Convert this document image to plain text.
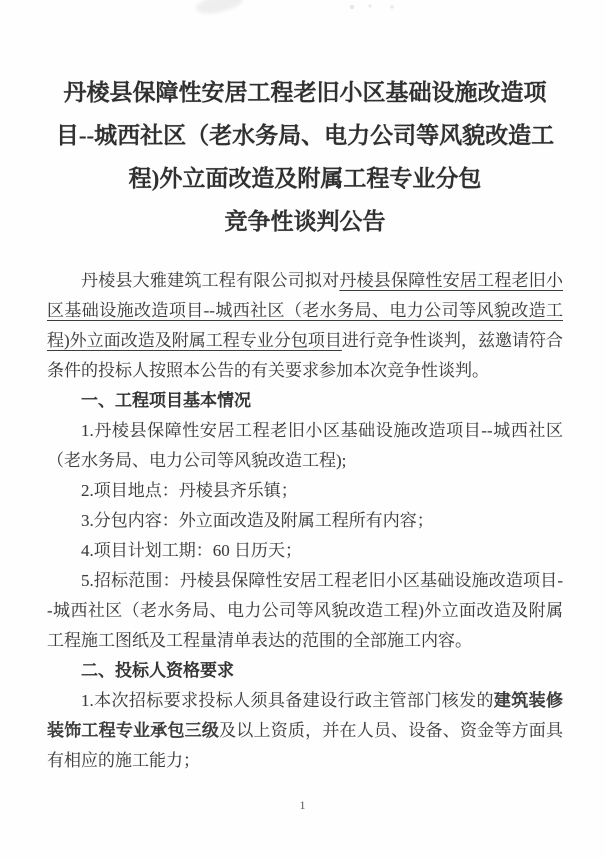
丹棱县保障性安居工程老旧小区基础设施改造项
目--城西社区（老水务局、电力公司等风貌改造工
程)外立面改造及附属工程专业分包
竞争性谈判公告

丹棱县大雅建筑工程有限公司拟对丹棱县保障性安居工程老旧小区基础设施改造项目--城西社区（老水务局、电力公司等风貌改造工程)外立面改造及附属工程专业分包项目进行竞争性谈判，兹邀请符合条件的投标人按照本公告的有关要求参加本次竞争性谈判。

一、工程项目基本情况

1.丹棱县保障性安居工程老旧小区基础设施改造项目--城西社区（老水务局、电力公司等风貌改造工程);

2.项目地点：丹棱县齐乐镇；

3.分包内容：外立面改造及附属工程所有内容；

4.项目计划工期：60 日历天；

5.招标范围：丹棱县保障性安居工程老旧小区基础设施改造项目--城西社区（老水务局、电力公司等风貌改造工程)外立面改造及附属工程施工图纸及工程量清单表达的范围的全部施工内容。

二、投标人资格要求

1.本次招标要求投标人须具备建设行政主管部门核发的建筑装修装饰工程专业承包三级及以上资质，并在人员、设备、资金等方面具有相应的施工能力；

1
